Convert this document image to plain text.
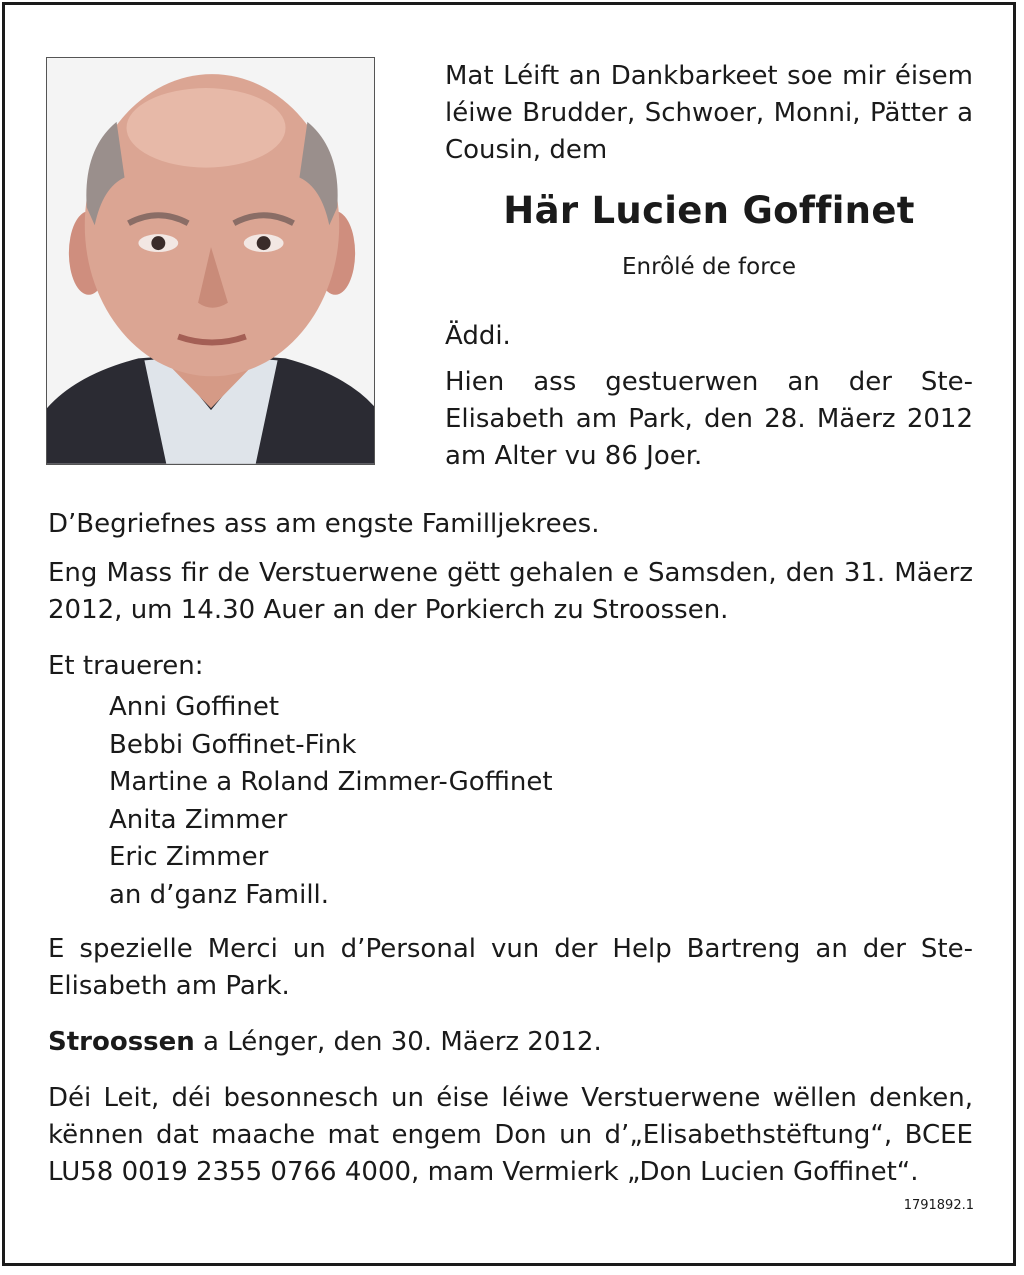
Mat Léift an Dankbarkeet soe mir éisem léiwe Brudder, Schwoer, Monni, Pätter a Cousin, dem

Här Lucien Goffinet

Enrôlé de force

Äddi.

Hien ass gestuerwen an der Ste-Elisabeth am Park, den 28. Mäerz 2012 am Alter vu 86 Joer.

D’Begriefnes ass am engste Familljekrees.

Eng Mass fir de Verstuerwene gëtt gehalen e Samsden, den 31. Mäerz 2012, um 14.30 Auer an der Porkierch zu Stroossen.

Et traueren:

Anni Goffinet
Bebbi Goffinet-Fink
Martine a Roland Zimmer-Goffinet
Anita Zimmer
Eric Zimmer
an d’ganz Famill.

E spezielle Merci un d’Personal vun der Help Bartreng an der Ste-Elisabeth am Park.

Stroossen a Lénger, den 30. Mäerz 2012.

Déi Leit, déi besonnesch un éise léiwe Verstuerwene wëllen denken, kënnen dat maache mat engem Don un d’„Elisabethstëftung“, BCEE LU58 0019 2355 0766 4000, mam Vermierk „Don Lucien Goffinet“.

1791892.1
